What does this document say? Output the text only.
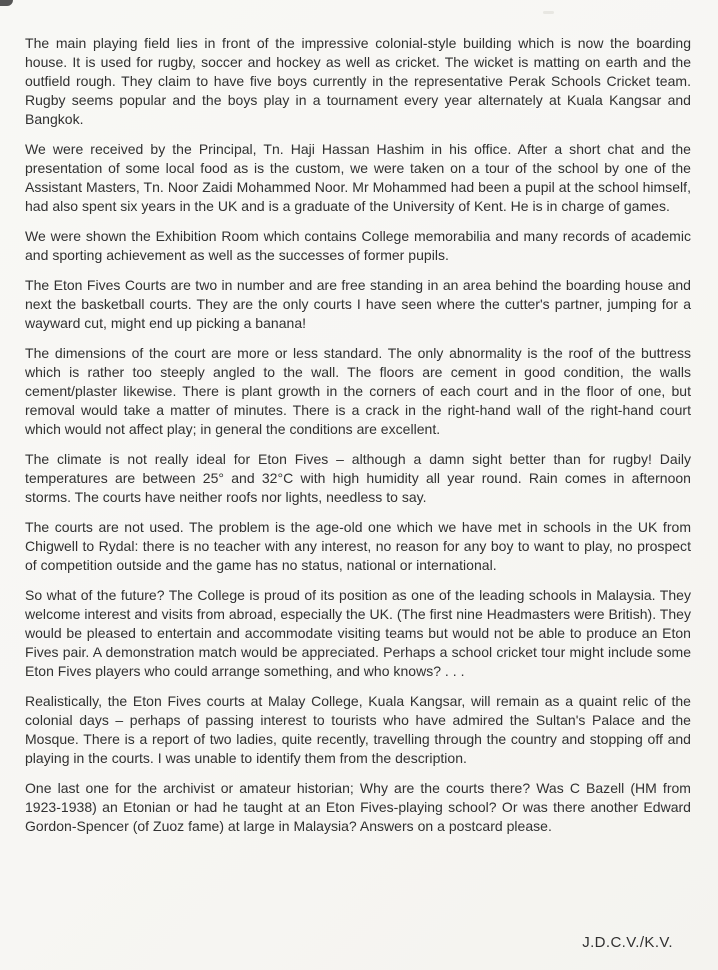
The main playing field lies in front of the impressive colonial-style building which is now the boarding house. It is used for rugby, soccer and hockey as well as cricket. The wicket is matting on earth and the outfield rough. They claim to have five boys currently in the representative Perak Schools Cricket team. Rugby seems popular and the boys play in a tournament every year alternately at Kuala Kangsar and Bangkok.

We were received by the Principal, Tn. Haji Hassan Hashim in his office. After a short chat and the presentation of some local food as is the custom, we were taken on a tour of the school by one of the Assistant Masters, Tn. Noor Zaidi Mohammed Noor. Mr Mohammed had been a pupil at the school himself, had also spent six years in the UK and is a graduate of the University of Kent. He is in charge of games.

We were shown the Exhibition Room which contains College memorabilia and many records of academic and sporting achievement as well as the successes of former pupils.

The Eton Fives Courts are two in number and are free standing in an area behind the boarding house and next the basketball courts. They are the only courts I have seen where the cutter's partner, jumping for a wayward cut, might end up picking a banana!

The dimensions of the court are more or less standard. The only abnormality is the roof of the buttress which is rather too steeply angled to the wall. The floors are cement in good condition, the walls cement/plaster likewise. There is plant growth in the corners of each court and in the floor of one, but removal would take a matter of minutes. There is a crack in the right-hand wall of the right-hand court which would not affect play; in general the conditions are excellent.

The climate is not really ideal for Eton Fives – although a damn sight better than for rugby! Daily temperatures are between 25° and 32°C with high humidity all year round. Rain comes in afternoon storms. The courts have neither roofs nor lights, needless to say.

The courts are not used. The problem is the age-old one which we have met in schools in the UK from Chigwell to Rydal: there is no teacher with any interest, no reason for any boy to want to play, no prospect of competition outside and the game has no status, national or international.

So what of the future? The College is proud of its position as one of the leading schools in Malaysia. They welcome interest and visits from abroad, especially the UK. (The first nine Headmasters were British). They would be pleased to entertain and accommodate visiting teams but would not be able to produce an Eton Fives pair. A demonstration match would be appreciated. Perhaps a school cricket tour might include some Eton Fives players who could arrange something, and who knows? . . .

Realistically, the Eton Fives courts at Malay College, Kuala Kangsar, will remain as a quaint relic of the colonial days – perhaps of passing interest to tourists who have admired the Sultan's Palace and the Mosque. There is a report of two ladies, quite recently, travelling through the country and stopping off and playing in the courts. I was unable to identify them from the description.

One last one for the archivist or amateur historian; Why are the courts there? Was C Bazell (HM from 1923-1938) an Etonian or had he taught at an Eton Fives-playing school? Or was there another Edward Gordon-Spencer (of Zuoz fame) at large in Malaysia? Answers on a postcard please.

J.D.C.V./K.V.
